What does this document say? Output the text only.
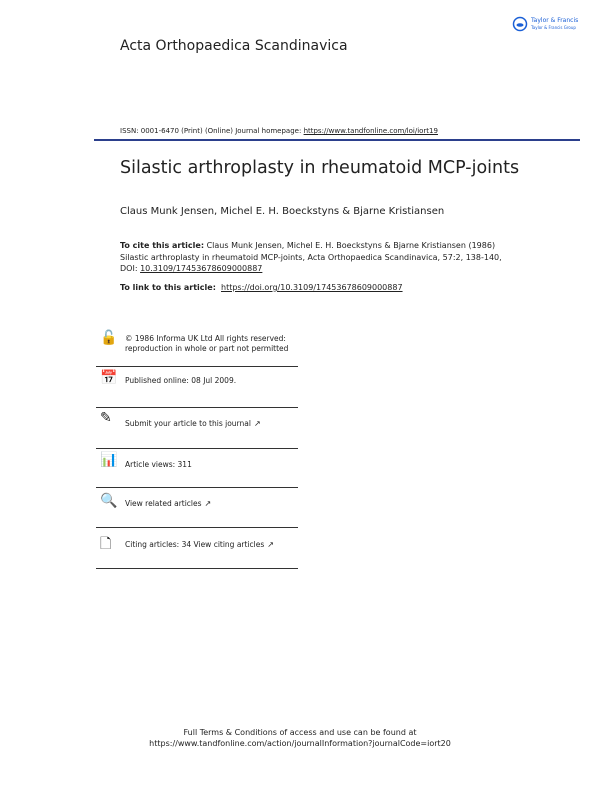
Acta Orthopaedica Scandinavica
Taylor & Francis
Taylor & Francis Group
ISSN: 0001-6470 (Print) (Online) Journal homepage: https://www.tandfonline.com/loi/iort19
Silastic arthroplasty in rheumatoid MCP-joints
Claus Munk Jensen, Michel E. H. Boeckstyns & Bjarne Kristiansen
To cite this article: Claus Munk Jensen, Michel E. H. Boeckstyns & Bjarne Kristiansen (1986) Silastic arthroplasty in rheumatoid MCP-joints, Acta Orthopaedica Scandinavica, 57:2, 138-140, DOI: 10.3109/17453678609000887
To link to this article: https://doi.org/10.3109/17453678609000887
🔓 © 1986 Informa UK Ltd All rights reserved: reproduction in whole or part not permitted
📅 Published online: 08 Jul 2009.
✎ Submit your article to this journal ↗
📊 Article views: 311
🔍 View related articles ↗
🗋 Citing articles: 34 View citing articles ↗
Full Terms & Conditions of access and use can be found at
https://www.tandfonline.com/action/journalInformation?journalCode=iort20
